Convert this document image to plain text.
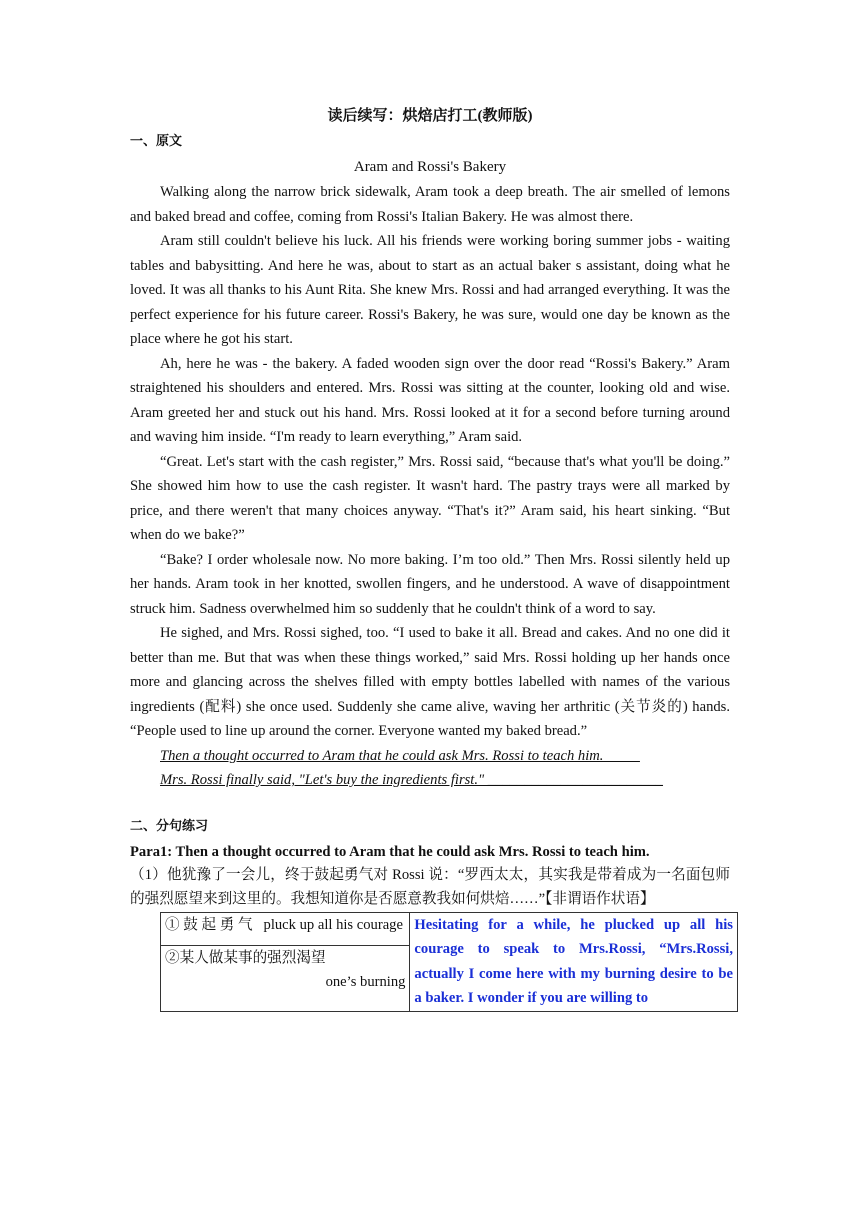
读后续写：烘焙店打工(教师版)

一、原文

Aram and Rossi's Bakery

Walking along the narrow brick sidewalk, Aram took a deep breath. The air smelled of lemons and baked bread and coffee, coming from Rossi's Italian Bakery. He was almost there.

Aram still couldn't believe his luck. All his friends were working boring summer jobs - waiting tables and babysitting. And here he was, about to start as an actual baker s assistant, doing what he loved. It was all thanks to his Aunt Rita. She knew Mrs. Rossi and had arranged everything. It was the perfect experience for his future career. Rossi's Bakery, he was sure, would one day be known as the place where he got his start.

Ah, here he was - the bakery. A faded wooden sign over the door read “Rossi's Bakery.” Aram straightened his shoulders and entered. Mrs. Rossi was sitting at the counter, looking old and wise. Aram greeted her and stuck out his hand. Mrs. Rossi looked at it for a second before turning around and waving him inside. “I'm ready to learn everything,” Aram said.

“Great. Let's start with the cash register,” Mrs. Rossi said, “because that's what you'll be doing.” She showed him how to use the cash register. It wasn't hard. The pastry trays were all marked by price, and there weren't that many choices anyway. “That's it?” Aram said, his heart sinking. “But when do we bake?”

“Bake? I order wholesale now. No more baking. I’m too old.” Then Mrs. Rossi silently held up her hands. Aram took in her knotted, swollen fingers, and he understood. A wave of disappointment struck him. Sadness overwhelmed him so suddenly that he couldn't think of a word to say.

He sighed, and Mrs. Rossi sighed, too. “I used to bake it all. Bread and cakes. And no one did it better than me. But that was when these things worked,” said Mrs. Rossi holding up her hands once more and glancing across the shelves filled with empty bottles labelled with names of the various ingredients (配料) she once used. Suddenly she came alive, waving her arthritic (关节炎的) hands. “People used to line up around the corner. Everyone wanted my baked bread.”

Then a thought occurred to Aram that he could ask Mrs. Rossi to teach him.

Mrs. Rossi finally said, "Let's buy the ingredients first." ________________________

二、分句练习

Para1: Then a thought occurred to Aram that he could ask Mrs. Rossi to teach him.

（1）他犹豫了一会儿，终于鼓起勇气对 Rossi 说：“罗西太太，其实我是带着成为一名面包师的强烈愿望来到这里的。我想知道你是否愿意教我如何烘焙……”【非谓语作状语】

① 鼓 起 勇 气 pluck up all his courage	Hesitating for a while, he plucked up all his courage to speak to Mrs.Rossi, “Mrs.Rossi, actually I come here with my burning desire to be a baker. I wonder if you are willing to

②某人做某事的强烈渴望
one’s burning
